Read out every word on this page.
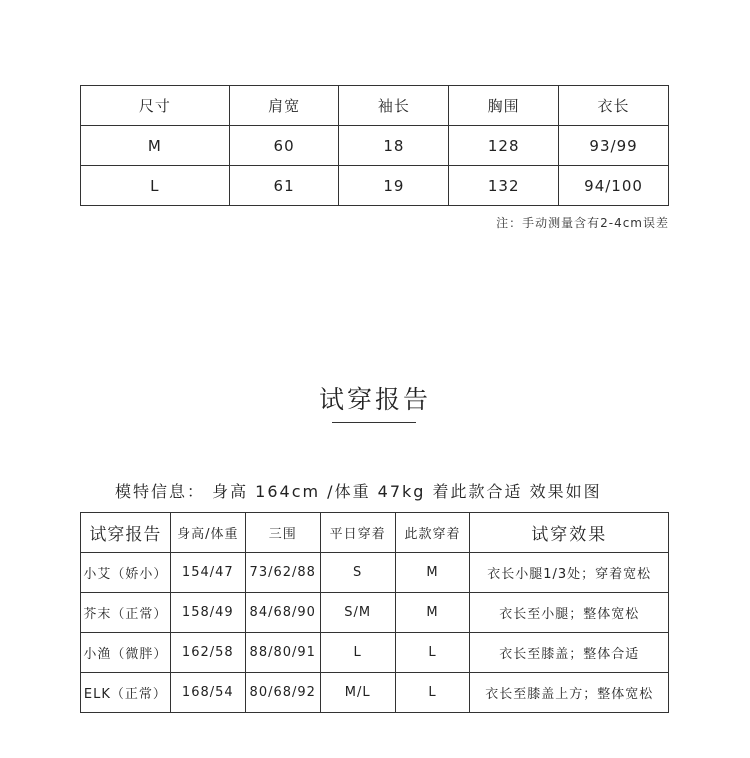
尺寸	肩宽	袖长	胸围	衣长
M	60	18	128	93/99
L	61	19	132	94/100
注：手动测量含有2-4cm误差
试穿报告
模特信息： 身高 164cm /体重 47kg 着此款合适 效果如图
试穿报告	身高/体重	三围	平日穿着	此款穿着	试穿效果
小艾（娇小）	154/47	73/62/88	S	M	衣长小腿1/3处；穿着宽松
芥末（正常）	158/49	84/68/90	S/M	M	衣长至小腿；整体宽松
小渔（微胖）	162/58	88/80/91	L	L	衣长至膝盖；整体合适
ELK（正常）	168/54	80/68/92	M/L	L	衣长至膝盖上方；整体宽松
